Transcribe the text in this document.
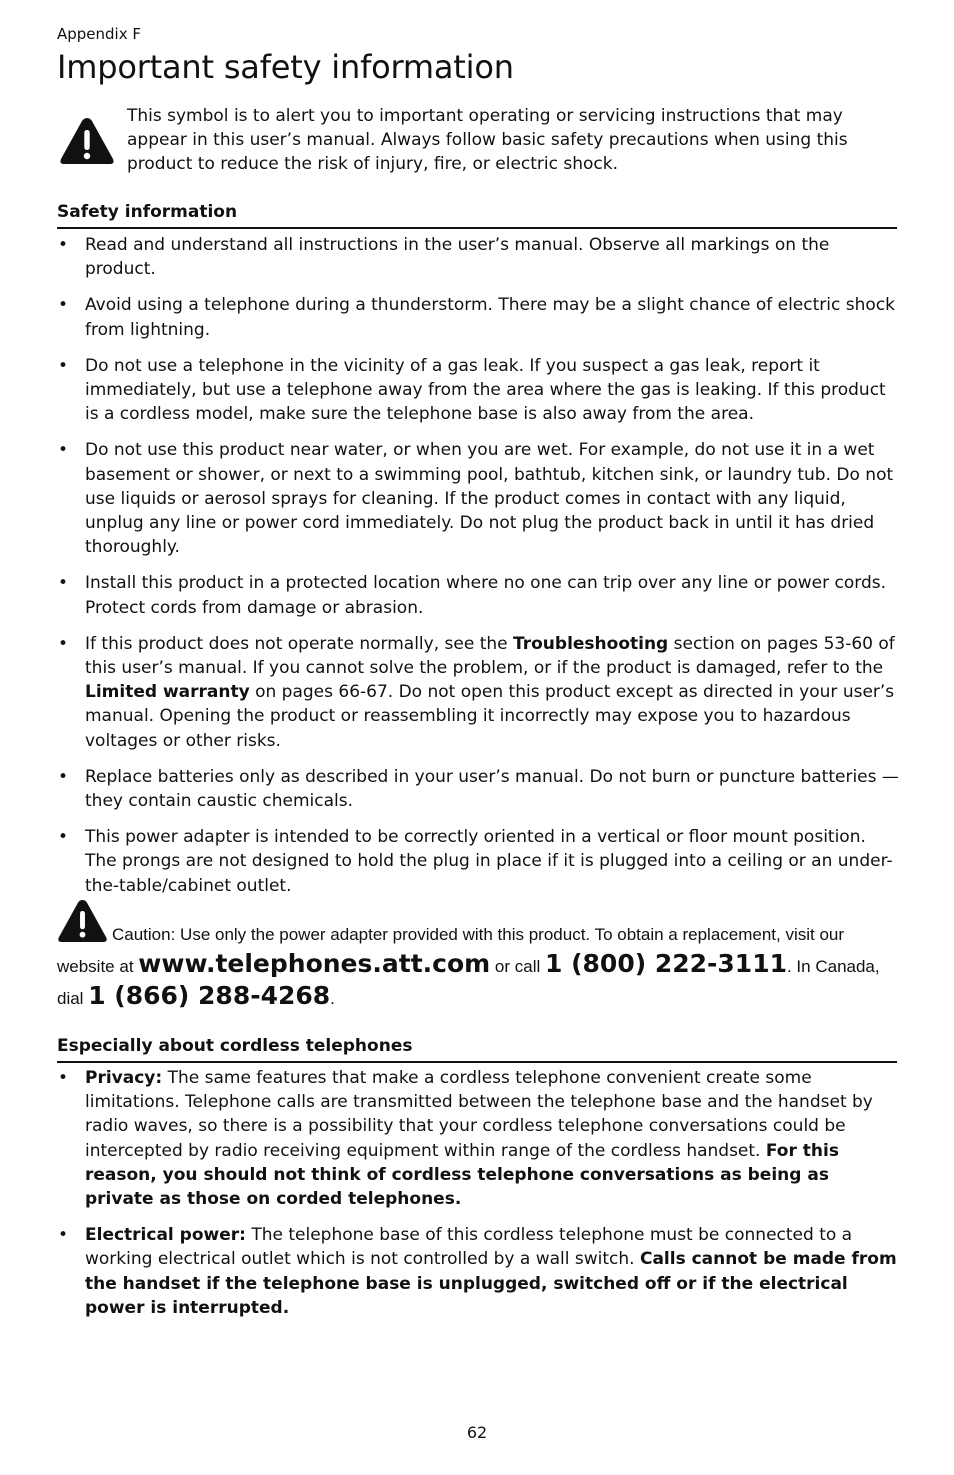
Appendix F
Important safety information
This symbol is to alert you to important operating or servicing instructions that may appear in this user’s manual. Always follow basic safety precautions when using this product to reduce the risk of injury, fire, or electric shock.
Safety information
• Read and understand all instructions in the user’s manual. Observe all markings on the product.
• Avoid using a telephone during a thunderstorm. There may be a slight chance of electric shock from lightning.
• Do not use a telephone in the vicinity of a gas leak. If you suspect a gas leak, report it immediately, but use a telephone away from the area where the gas is leaking. If this product is a cordless model, make sure the telephone base is also away from the area.
• Do not use this product near water, or when you are wet. For example, do not use it in a wet basement or shower, or next to a swimming pool, bathtub, kitchen sink, or laundry tub. Do not use liquids or aerosol sprays for cleaning. If the product comes in contact with any liquid, unplug any line or power cord immediately. Do not plug the product back in until it has dried thoroughly.
• Install this product in a protected location where no one can trip over any line or power cords. Protect cords from damage or abrasion.
• If this product does not operate normally, see the Troubleshooting section on pages 53-60 of this user’s manual. If you cannot solve the problem, or if the product is damaged, refer to the Limited warranty on pages 66-67. Do not open this product except as directed in your user’s manual. Opening the product or reassembling it incorrectly may expose you to hazardous voltages or other risks.
• Replace batteries only as described in your user’s manual. Do not burn or puncture batteries — they contain caustic chemicals.
• This power adapter is intended to be correctly oriented in a vertical or floor mount position. The prongs are not designed to hold the plug in place if it is plugged into a ceiling or an under-the-table/cabinet outlet.
Caution: Use only the power adapter provided with this product. To obtain a replacement, visit our website at www.telephones.att.com or call 1 (800) 222-3111. In Canada, dial 1 (866) 288-4268.
Especially about cordless telephones
• Privacy: The same features that make a cordless telephone convenient create some limitations. Telephone calls are transmitted between the telephone base and the handset by radio waves, so there is a possibility that your cordless telephone conversations could be intercepted by radio receiving equipment within range of the cordless handset. For this reason, you should not think of cordless telephone conversations as being as private as those on corded telephones.
• Electrical power: The telephone base of this cordless telephone must be connected to a working electrical outlet which is not controlled by a wall switch. Calls cannot be made from the handset if the telephone base is unplugged, switched off or if the electrical power is interrupted.
62
